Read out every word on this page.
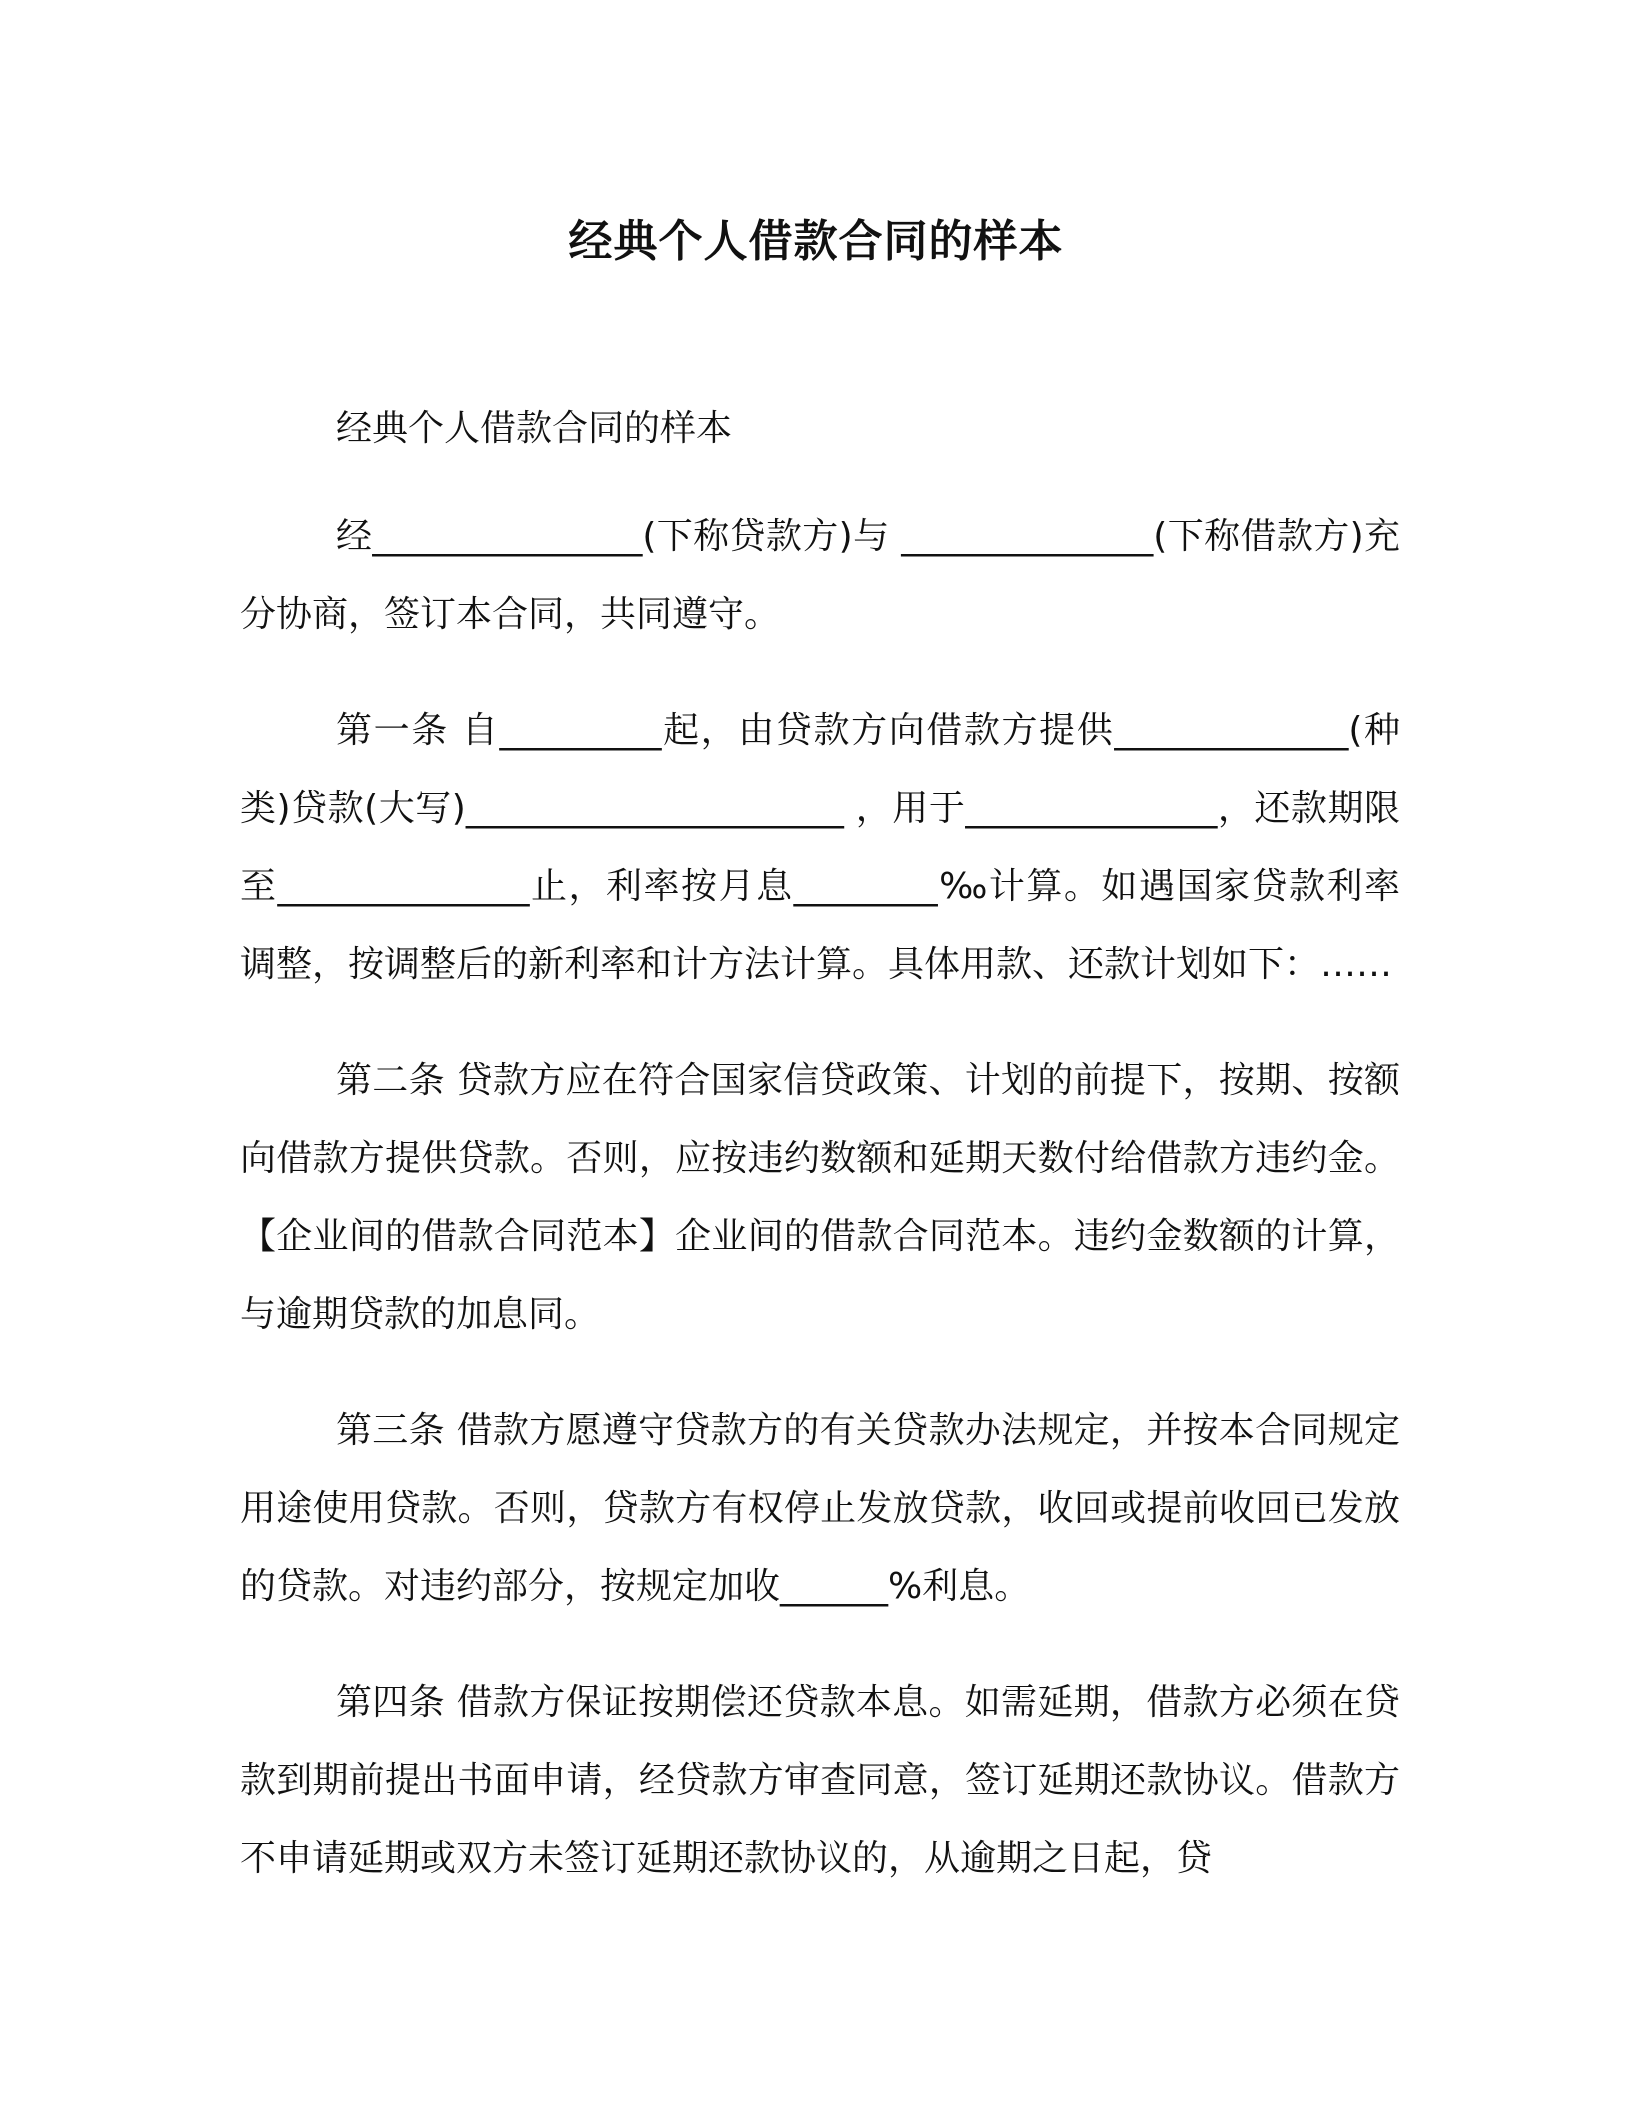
经典个人借款合同的样本

经典个人借款合同的样本

经_______________(下称贷款方)与 ______________(下称借款方)充分协商，签订本合同，共同遵守。

第一条 自_________起，由贷款方向借款方提供_____________(种类)贷款(大写)_____________________ ，用于______________，还款期限至______________止，利率按月息________‰计算。如遇国家贷款利率调整，按调整后的新利率和计方法计算。具体用款、还款计划如下：……

第二条 贷款方应在符合国家信贷政策、计划的前提下，按期、按额向借款方提供贷款。否则，应按违约数额和延期天数付给借款方违约金。【企业间的借款合同范本】企业间的借款合同范本。违约金数额的计算，与逾期贷款的加息同。

第三条 借款方愿遵守贷款方的有关贷款办法规定，并按本合同规定用途使用贷款。否则，贷款方有权停止发放贷款，收回或提前收回已发放的贷款。对违约部分，按规定加收______%利息。

第四条 借款方保证按期偿还贷款本息。如需延期，借款方必须在贷款到期前提出书面申请，经贷款方审查同意，签订延期还款协议。借款方不申请延期或双方未签订延期还款协议的，从逾期之日起，贷
